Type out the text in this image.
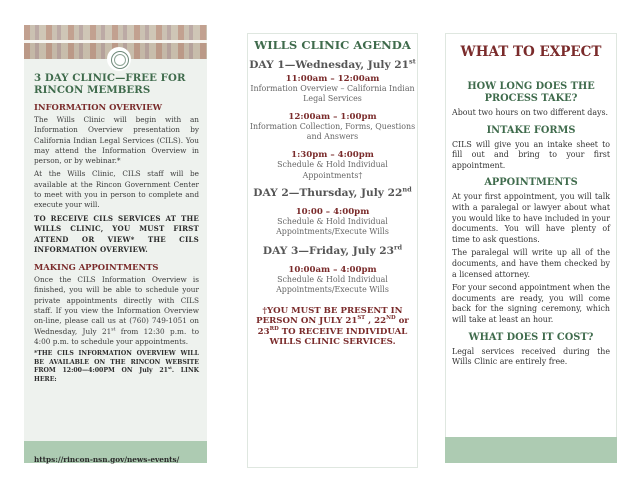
3 DAY CLINIC—FREE FOR RINCON MEMBERS
INFORMATION OVERVIEW

The Wills Clinic will begin with an Information Overview presentation by California Indian Legal Services (CILS). You may attend the Information Overview in person, or by webinar.*

At the Wills Clinic, CILS staff will be available at the Rincon Government Center to meet with you in person to complete and execute your will.

TO RECEIVE CILS SERVICES AT THE WILLS CLINIC, YOU MUST FIRST ATTEND OR VIEW* THE CILS INFORMATION OVERVIEW.

MAKING APPOINTMENTS

Once the CILS Information Overview is finished, you will be able to schedule your private appointments directly with CILS staff. If you view the Information Overview on-line, please call us at (760) 749-1051 on Wednesday, July 21st from 12:30 p.m. to 4:00 p.m. to schedule your appointments.

*THE CILS INFORMATION OVERVIEW WILL BE AVAILABLE ON THE RINCON WEBSITE FROM 12:00—4:00PM ON July 21st. LINK HERE:

https://rincon-nsn.gov/news-events/
WILLS CLINIC AGENDA
DAY 1—Wednesday, July 21st
11:00am – 12:00am
Information Overview – California Indian Legal Services
12:00am – 1:00pm
Information Collection, Forms, Questions and Answers
1:30pm – 4:00pm
Schedule & Hold Individual Appointments†
DAY 2—Thursday, July 22nd
10:00 – 4:00pm
Schedule & Hold Individual Appointments/Execute Wills
DAY 3—Friday, July 23rd
10:00am – 4:00pm
Schedule & Hold Individual Appointments/Execute Wills
†YOU MUST BE PRESENT IN PERSON ON JULY 21ST , 22ND or 23RD TO RECEIVE INDIVIDUAL WILLS CLINIC SERVICES.
WHAT TO EXPECT
HOW LONG DOES THE PROCESS TAKE?

About two hours on two different days.

INTAKE FORMS

CILS will give you an intake sheet to fill out and bring to your first appointment.

APPOINTMENTS

At your first appointment, you will talk with a paralegal or lawyer about what you would like to have included in your documents. You will have plenty of time to ask questions.

The paralegal will write up all of the documents, and have them checked by a licensed attorney.

For your second appointment when the documents are ready, you will come back for the signing ceremony, which will take at least an hour.

WHAT DOES IT COST?

Legal services received during the Wills Clinic are entirely free.
